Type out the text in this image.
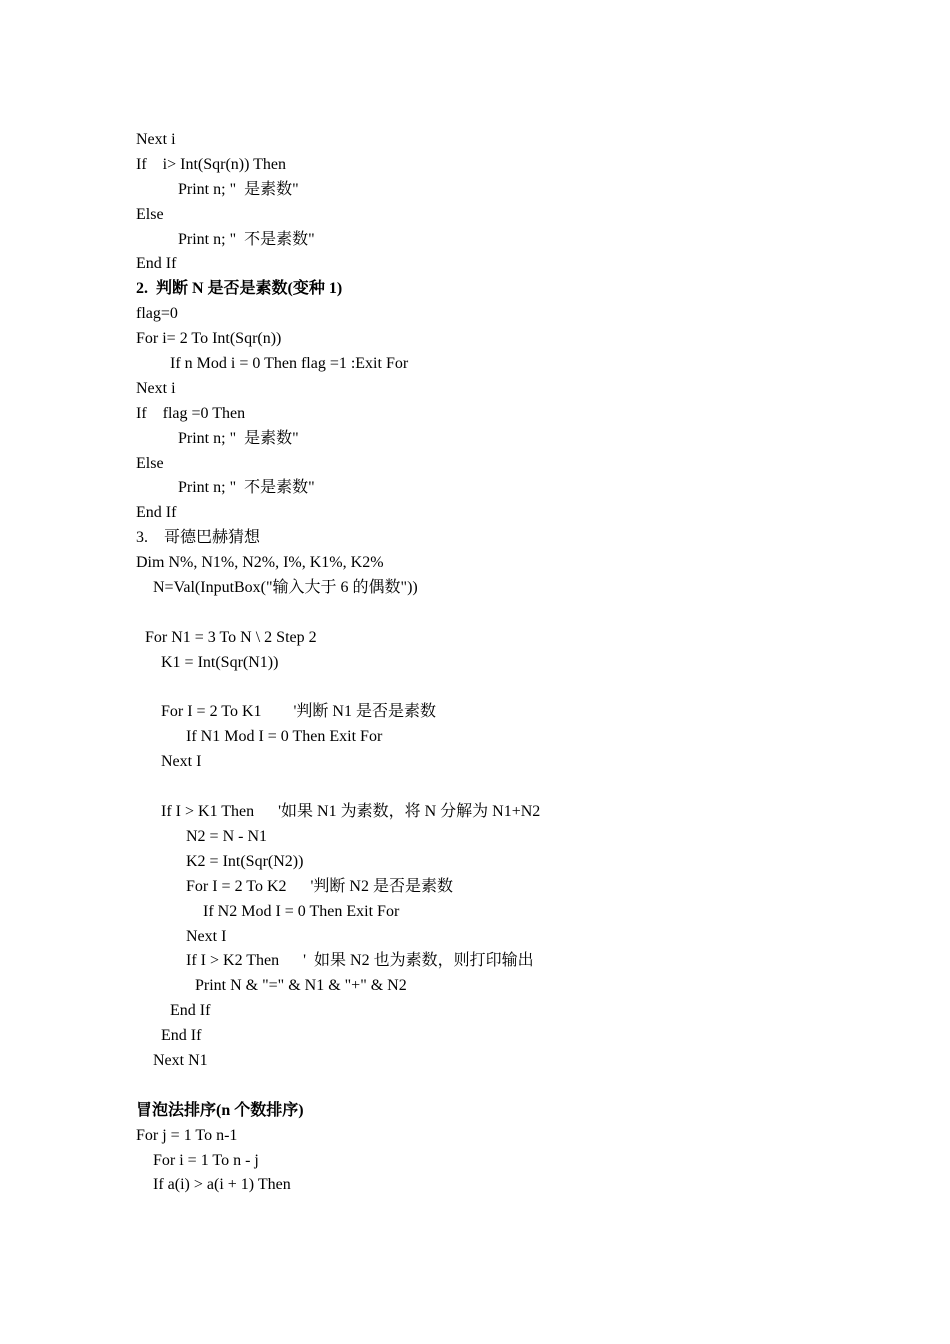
Next i
If    i> Int(Sqr(n)) Then
Print n; "  是素数"
Else
Print n; "  不是素数"
End If
2.  判断 N 是否是素数(变种 1)
flag=0
For i= 2 To Int(Sqr(n))
If n Mod i = 0 Then flag =1 :Exit For
Next i
If    flag =0 Then
Print n; "  是素数"
Else
Print n; "  不是素数"
End If
3.    哥德巴赫猜想
Dim N%, N1%, N2%, I%, K1%, K2%
N=Val(InputBox("输入大于 6 的偶数"))
For N1 = 3 To N \ 2 Step 2
K1 = Int(Sqr(N1))
For I = 2 To K1        '判断 N1 是否是素数
If N1 Mod I = 0 Then Exit For
Next I
If I > K1 Then      '如果 N1 为素数，将 N 分解为 N1+N2
N2 = N - N1
K2 = Int(Sqr(N2))
For I = 2 To K2      '判断 N2 是否是素数
If N2 Mod I = 0 Then Exit For
Next I
If I > K2 Then      '  如果 N2 也为素数，则打印输出
Print N & "=" & N1 & "+" & N2
End If
End If
Next N1
冒泡法排序(n 个数排序)
For j = 1 To n-1
For i = 1 To n - j
If a(i) > a(i + 1) Then
